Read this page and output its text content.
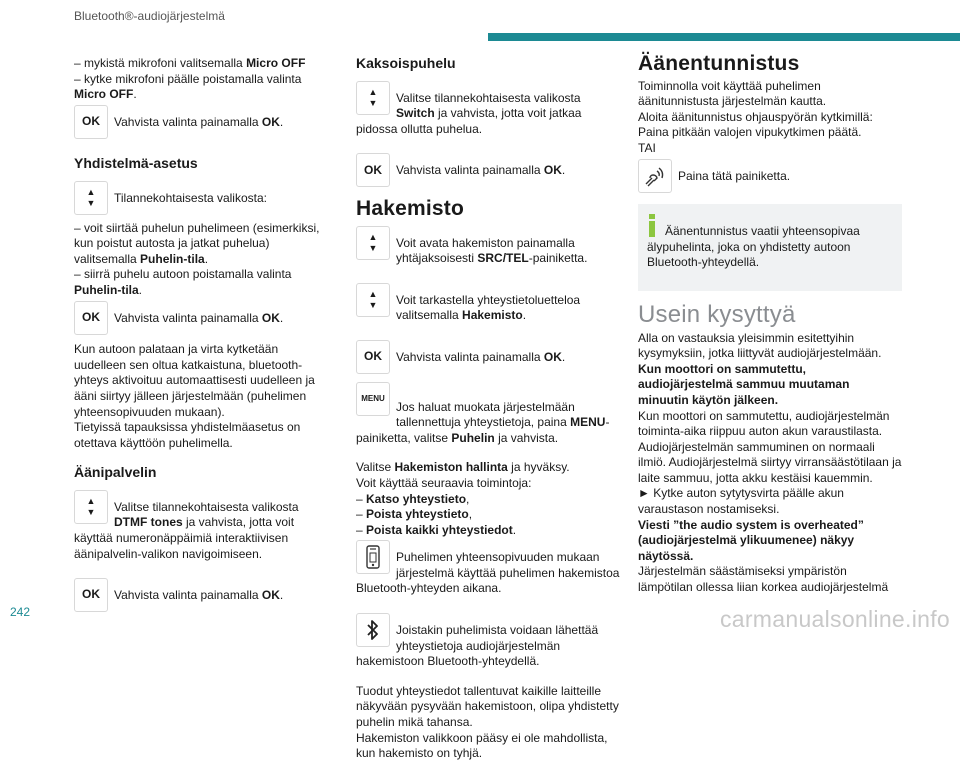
Bluetooth®-audiojärjestelmä

– mykistä mikrofoni valitsemalla Micro OFF

– kytke mikrofoni päälle poistamalla valinta Micro OFF.

OK	Vahvista valinta painamalla OK.

Yhdistelmä-asetus
▲
▼	Tilannekohtaisesta valikosta:

– voit siirtää puhelun puhelimeen (esimerkiksi, kun poistut autosta ja jatkat puhelua) valitsemalla Puhelin-tila.

– siirrä puhelu autoon poistamalla valinta Puhelin-tila.

OK	Vahvista valinta painamalla OK.

Kun autoon palataan ja virta kytketään uudelleen sen oltua katkaistuna, bluetooth-yhteys aktivoituu automaattisesti uudelleen ja ääni siirtyy jälleen järjestelmään (puhelimen yhteensopivuuden mukaan).

Tietyissä tapauksissa yhdistelmäasetus on otettava käyttöön puhelimella.

Äänipalvelin
▲
▼	Valitse tilannekohtaisesta valikosta DTMF tones ja vahvista, jotta voit käyttää numeronäppäimiä interaktiivisen äänipalvelin-valikon navigoimiseen.

OK	Vahvista valinta painamalla OK.

Kaksoispuhelu
▲
▼	Valitse tilannekohtaisesta valikosta Switch ja vahvista, jotta voit jatkaa pidossa ollutta puhelua.

OK	Vahvista valinta painamalla OK.

Hakemisto
▲
▼	Voit avata hakemiston painamalla yhtäjaksoisesti SRC/TEL-painiketta.

▲
▼	Voit tarkastella yhteystietoluetteloa valitsemalla Hakemisto.

OK	Vahvista valinta painamalla OK.

MENU

Jos haluat muokata järjestelmään tallennettuja yhteystietoja, paina MENU-painiketta, valitse Puhelin ja vahvista.

Valitse Hakemiston hallinta ja hyväksy.

Voit käyttää seuraavia toimintoja:

– Katso yhteystieto,

– Poista yhteystieto,

– Poista kaikki yhteystiedot.

Puhelimen yhteensopivuuden mukaan järjestelmä käyttää puhelimen hakemistoa Bluetooth-yhteyden aikana.

Joistakin puhelimista voidaan lähettää yhteystietoja audiojärjestelmän hakemistoon Bluetooth-yhteydellä.

Tuodut yhteystiedot tallentuvat kaikille laitteille näkyvään pysyvään hakemistoon, olipa yhdistetty puhelin mikä tahansa.

Hakemiston valikkoon pääsy ei ole mahdollista, kun hakemisto on tyhjä.

Äänentunnistus

Toiminnolla voit käyttää puhelimen äänitunnistusta järjestelmän kautta.

Aloita äänitunnistus ohjauspyörän kytkimillä: Paina pitkään valojen vipukytkimen päätä.

TAI

Paina tätä painiketta.

Äänentunnistus vaatii yhteensopivaa älypuhelinta, joka on yhdistetty autoon Bluetooth-yhteydellä.

Usein kysyttyä

Alla on vastauksia yleisimmin esitettyihin kysymyksiin, jotka liittyvät audiojärjestelmään.

Kun moottori on sammutettu, audiojärjestelmä sammuu muutaman minuutin käytön jälkeen.

Kun moottori on sammutettu, audiojärjestelmän toiminta-aika riippuu auton akun varaustilasta. Audiojärjestelmän sammuminen on normaali ilmiö. Audiojärjestelmä siirtyy virransäästötilaan ja laite sammuu, jotta akku kestäisi kauemmin.

► Kytke auton sytytysvirta päälle akun varaustason nostamiseksi.

Viesti ”the audio system is overheated” (audiojärjestelmä ylikuumenee) näkyy näytössä.

Järjestelmän säästämiseksi ympäristön lämpötilan ollessa liian korkea audiojärjestelmä

242	carmanualsonline.info
